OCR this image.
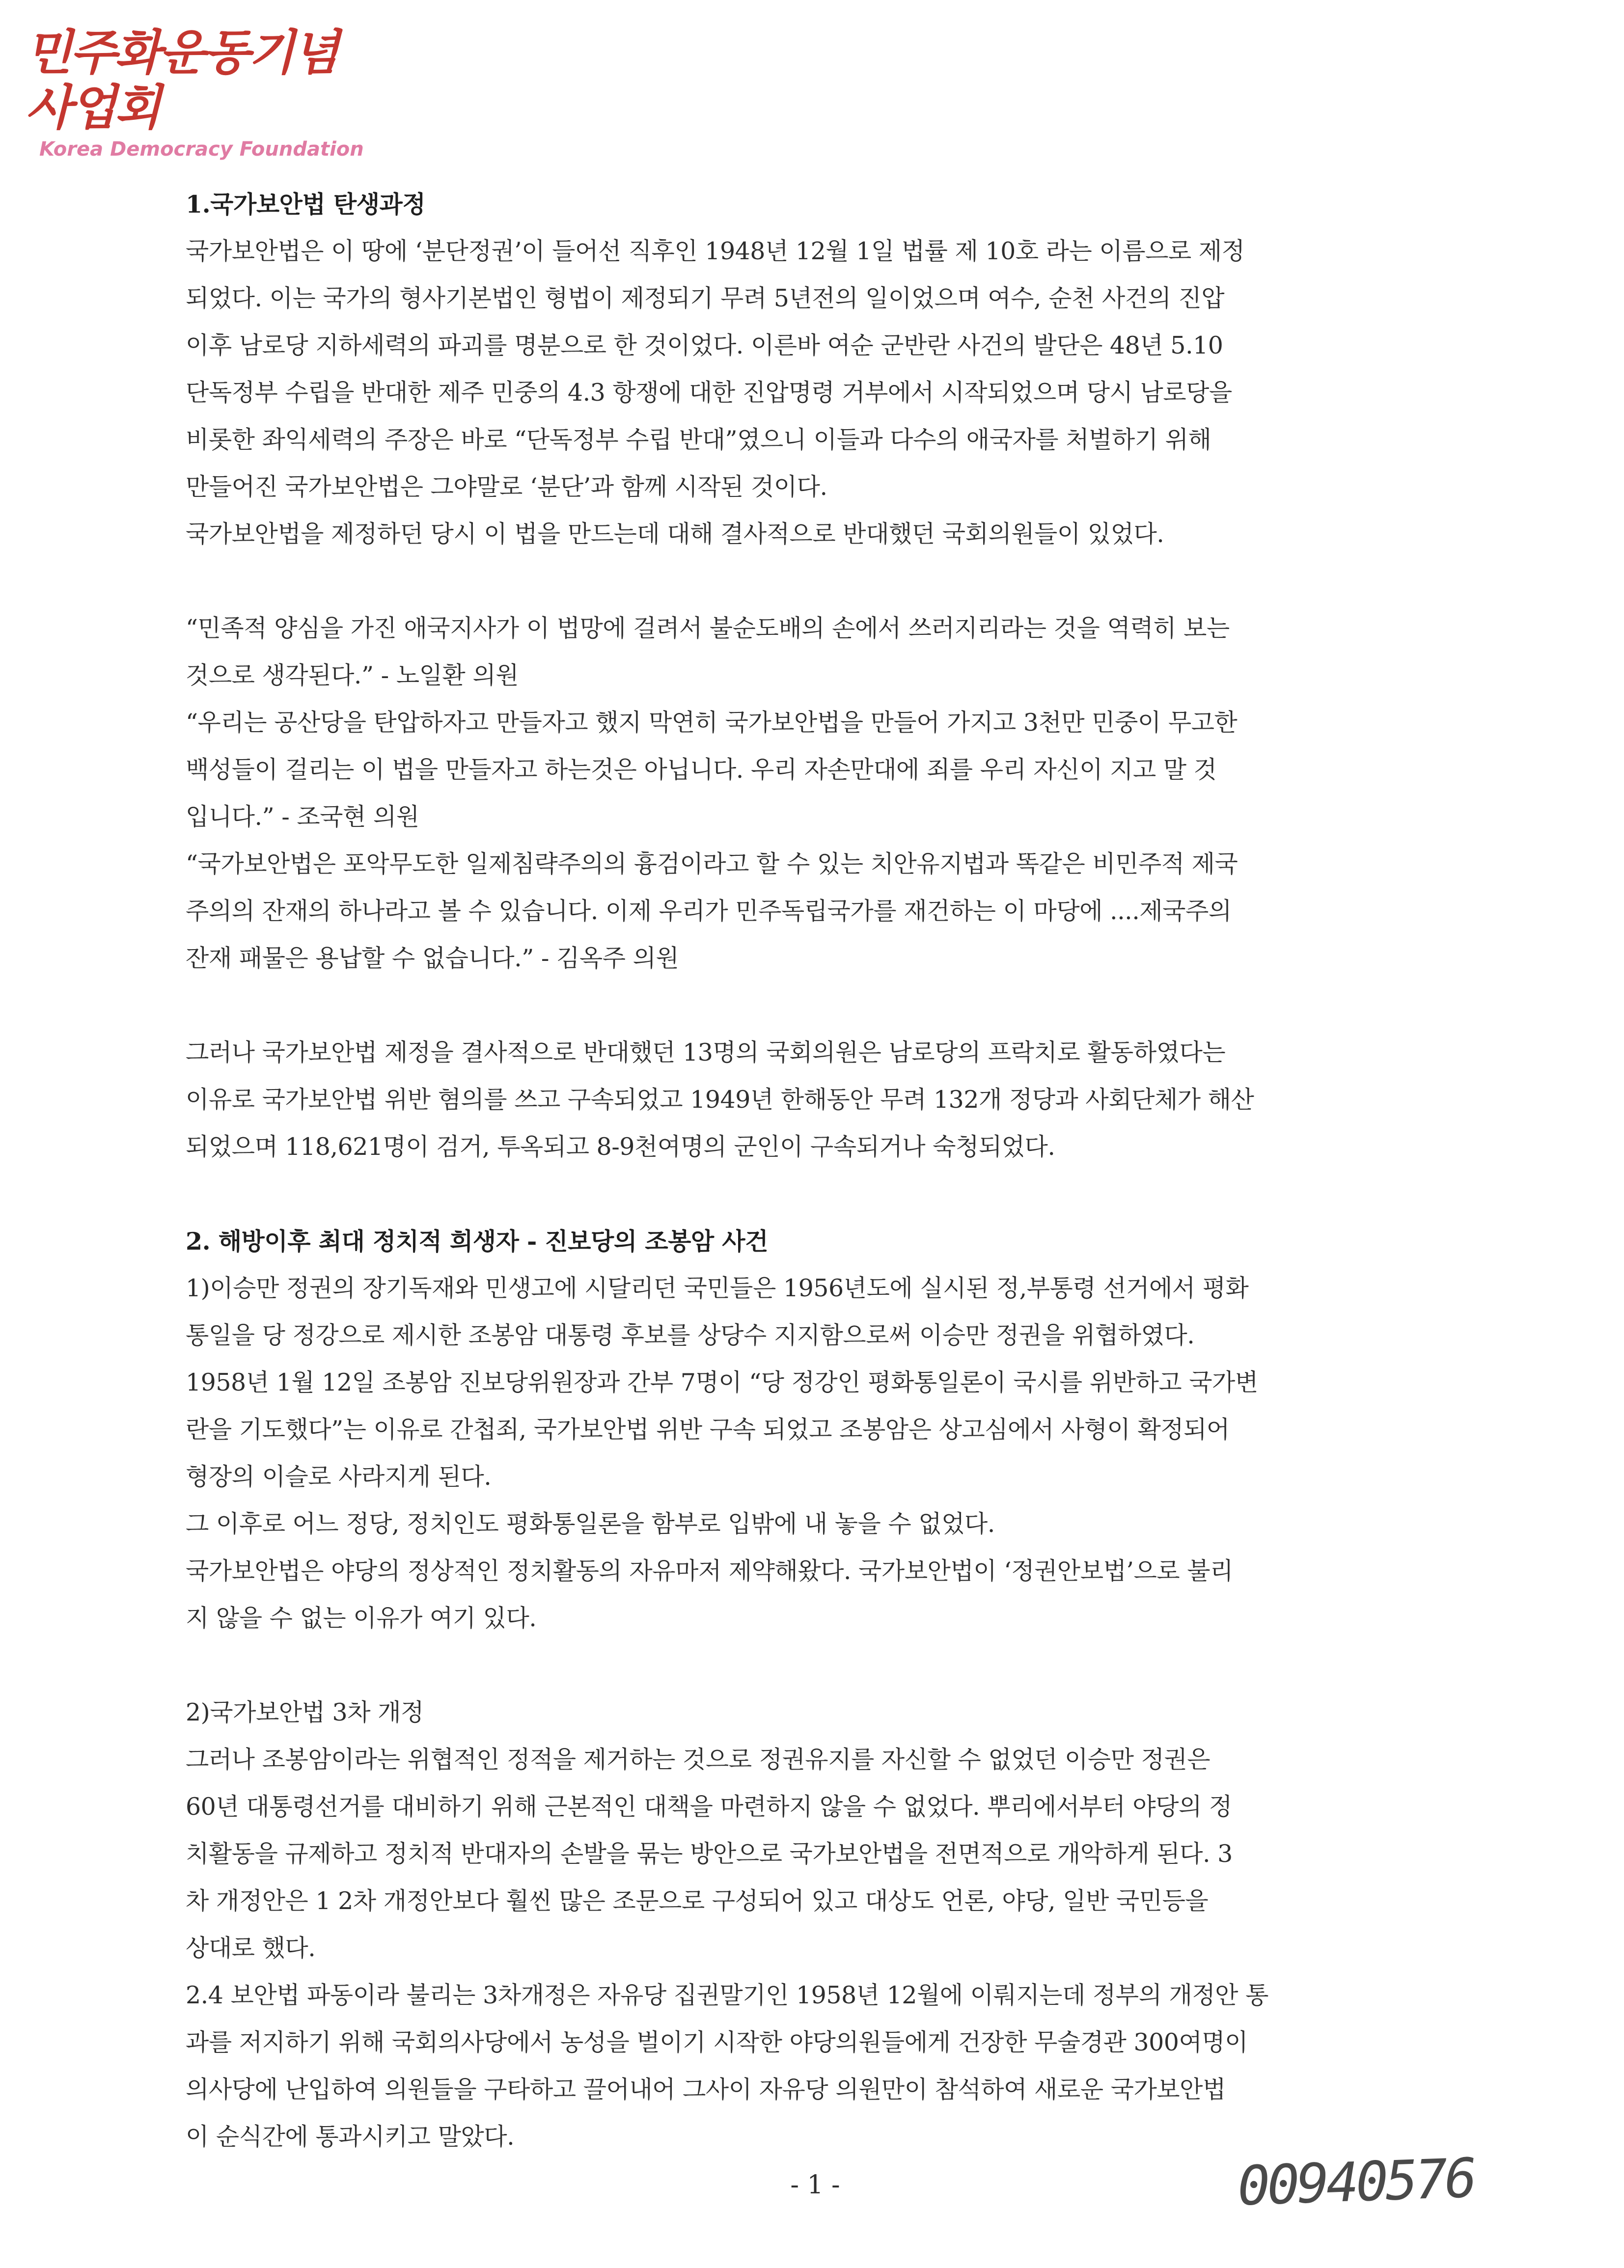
민주화운동기념사업회
Korea Democracy Foundation
1.국가보안법 탄생과정
국가보안법은 이 땅에 ‘분단정권’이 들어선 직후인 1948년 12월 1일 법률 제 10호 라는 이름으로 제정
되었다. 이는 국가의 형사기본법인 형법이 제정되기 무려 5년전의 일이었으며 여수, 순천 사건의 진압
이후 남로당 지하세력의 파괴를 명분으로 한 것이었다. 이른바 여순 군반란 사건의 발단은 48년 5.10
단독정부 수립을 반대한 제주 민중의 4.3 항쟁에 대한 진압명령 거부에서 시작되었으며 당시 남로당을
비롯한 좌익세력의 주장은 바로 “단독정부 수립 반대”였으니 이들과 다수의 애국자를 처벌하기 위해
만들어진 국가보안법은 그야말로 ‘분단’과 함께 시작된 것이다.
국가보안법을 제정하던 당시 이 법을 만드는데 대해 결사적으로 반대했던 국회의원들이 있었다.
“민족적 양심을 가진 애국지사가 이 법망에 걸려서 불순도배의 손에서 쓰러지리라는 것을 역력히 보는
것으로 생각된다.” - 노일환 의원
“우리는 공산당을 탄압하자고 만들자고 했지 막연히 국가보안법을 만들어 가지고 3천만 민중이 무고한
백성들이 걸리는 이 법을 만들자고 하는것은 아닙니다. 우리 자손만대에 죄를 우리 자신이 지고 말 것
입니다.” - 조국현 의원
“국가보안법은 포악무도한 일제침략주의의 흉검이라고 할 수 있는 치안유지법과 똑같은 비민주적 제국
주의의 잔재의 하나라고 볼 수 있습니다. 이제 우리가 민주독립국가를 재건하는 이 마당에 ....제국주의
잔재 패물은 용납할 수 없습니다.” - 김옥주 의원
그러나 국가보안법 제정을 결사적으로 반대했던 13명의 국회의원은 남로당의 프락치로 활동하였다는
이유로 국가보안법 위반 혐의를 쓰고 구속되었고 1949년 한해동안 무려 132개 정당과 사회단체가 해산
되었으며 118,621명이 검거, 투옥되고 8-9천여명의 군인이 구속되거나 숙청되었다.
2. 해방이후 최대 정치적 희생자 - 진보당의 조봉암 사건
1)이승만 정권의 장기독재와 민생고에 시달리던 국민들은 1956년도에 실시된 정,부통령 선거에서 평화
통일을 당 정강으로 제시한 조봉암 대통령 후보를 상당수 지지함으로써 이승만 정권을 위협하였다.
1958년 1월 12일 조봉암 진보당위원장과 간부 7명이 “당 정강인 평화통일론이 국시를 위반하고 국가변
란을 기도했다”는 이유로 간첩죄, 국가보안법 위반 구속 되었고 조봉암은 상고심에서 사형이 확정되어
형장의 이슬로 사라지게 된다.
그 이후로 어느 정당, 정치인도 평화통일론을 함부로 입밖에 내 놓을 수 없었다.
국가보안법은 야당의 정상적인 정치활동의 자유마저 제약해왔다. 국가보안법이 ‘정권안보법’으로 불리
지 않을 수 없는 이유가 여기 있다.
2)국가보안법 3차 개정
그러나 조봉암이라는 위협적인 정적을 제거하는 것으로 정권유지를 자신할 수 없었던 이승만 정권은
60년 대통령선거를 대비하기 위해 근본적인 대책을 마련하지 않을 수 없었다. 뿌리에서부터 야당의 정
치활동을 규제하고 정치적 반대자의 손발을 묶는 방안으로 국가보안법을 전면적으로 개악하게 된다. 3
차 개정안은 1 2차 개정안보다 훨씬 많은 조문으로 구성되어 있고 대상도 언론, 야당, 일반 국민등을
상대로 했다.
2.4 보안법 파동이라 불리는 3차개정은 자유당 집권말기인 1958년 12월에 이뤄지는데 정부의 개정안 통
과를 저지하기 위해 국회의사당에서 농성을 벌이기 시작한 야당의원들에게 건장한 무술경관 300여명이
의사당에 난입하여 의원들을 구타하고 끌어내어 그사이 자유당 의원만이 참석하여 새로운 국가보안법
이 순식간에 통과시키고 말았다.
- 1 -	00940576
